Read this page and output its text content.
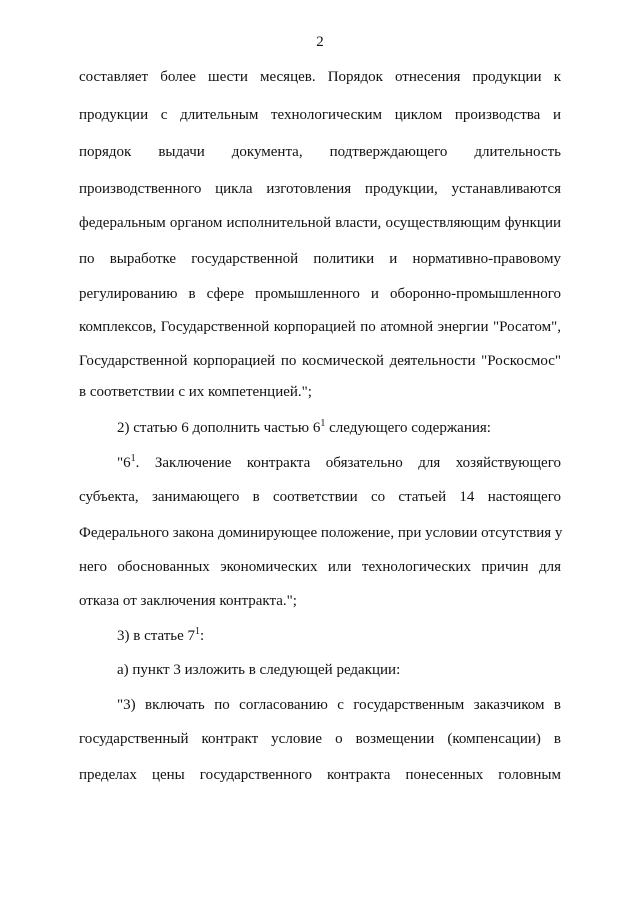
2
составляет более шести месяцев. Порядок отнесения продукции к
продукции с длительным технологическим циклом производства и
порядок выдачи документа, подтверждающего длительность
производственного цикла изготовления продукции, устанавливаются
федеральным органом исполнительной власти, осуществляющим функции
по выработке государственной политики и нормативно-правовому
регулированию в сфере промышленного и оборонно-промышленного
комплексов, Государственной корпорацией по атомной энергии "Росатом",
Государственной корпорацией по космической деятельности "Роскосмос"
в соответствии с их компетенцией.";
2) статью 6 дополнить частью $6^1$ следующего содержания:
"$6^1$. Заключение контракта обязательно для хозяйствующего
субъекта, занимающего в соответствии со статьей 14 настоящего
Федерального закона доминирующее положение, при условии отсутствия у
него обоснованных экономических или технологических причин для
отказа от заключения контракта.";
3) в статье $7^1$:
а) пункт 3 изложить в следующей редакции:
"3) включать по согласованию с государственным заказчиком в
государственный контракт условие о возмещении (компенсации) в
пределах цены государственного контракта понесенных головным
